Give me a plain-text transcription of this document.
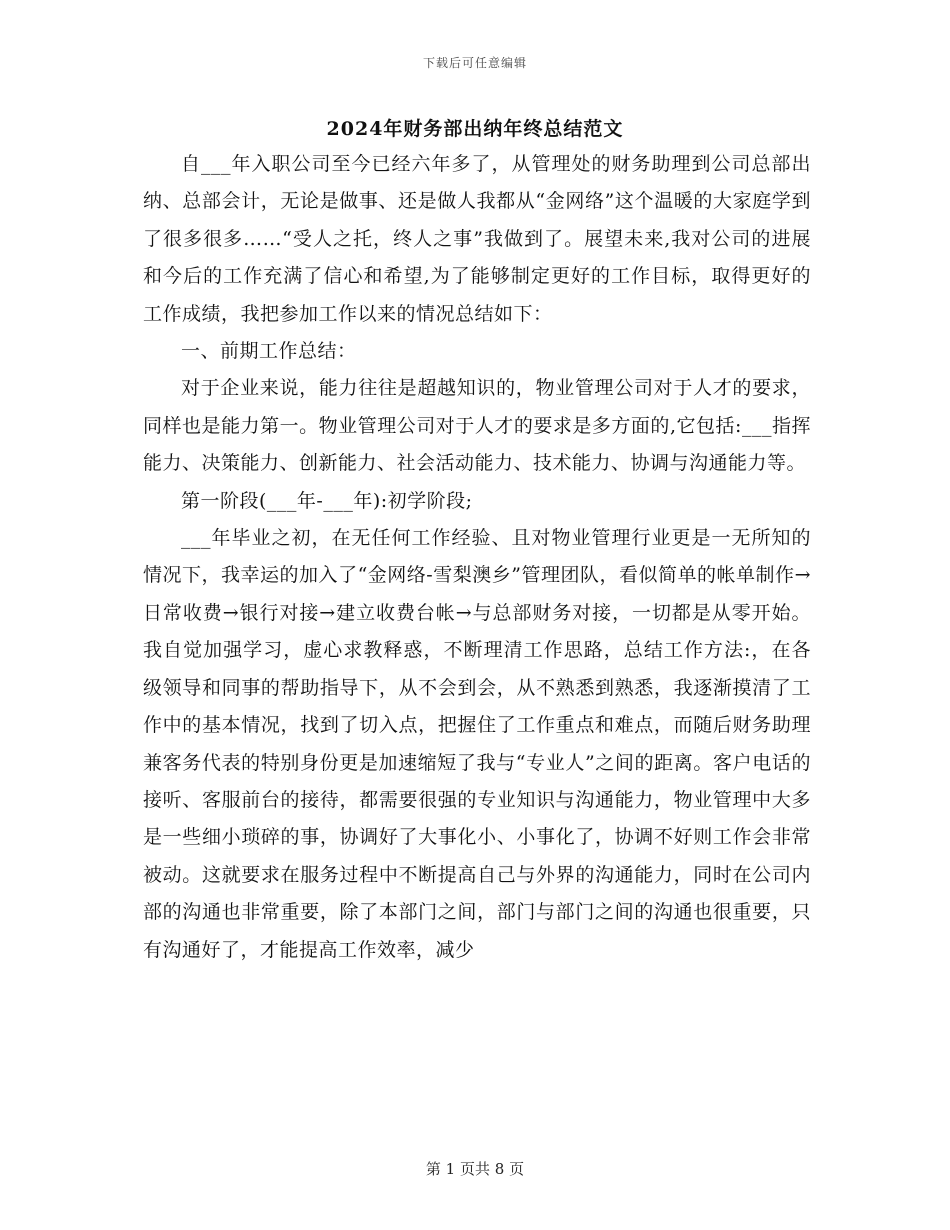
下载后可任意编辑
2024年财务部出纳年终总结范文

自___年入职公司至今已经六年多了，从管理处的财务助理到公司总部出纳、总部会计，无论是做事、还是做人我都从“金网络”这个温暖的大家庭学到了很多很多……“受人之托，终人之事”我做到了。展望未来,我对公司的进展和今后的工作充满了信心和希望,为了能够制定更好的工作目标，取得更好的工作成绩，我把参加工作以来的情况总结如下：

一、前期工作总结：

对于企业来说，能力往往是超越知识的，物业管理公司对于人才的要求，同样也是能力第一。物业管理公司对于人才的要求是多方面的,它包括:___指挥能力、决策能力、创新能力、社会活动能力、技术能力、协调与沟通能力等。

第一阶段(___年-___年):初学阶段;

___年毕业之初，在无任何工作经验、且对物业管理行业更是一无所知的情况下，我幸运的加入了“金网络-雪梨澳乡”管理团队，看似简单的帐单制作→日常收费→银行对接→建立收费台帐→与总部财务对接，一切都是从零开始。我自觉加强学习，虚心求教释惑，不断理清工作思路，总结工作方法:，在各级领导和同事的帮助指导下，从不会到会，从不熟悉到熟悉，我逐渐摸清了工作中的基本情况，找到了切入点，把握住了工作重点和难点，而随后财务助理兼客务代表的特别身份更是加速缩短了我与“专业人”之间的距离。客户电话的接听、客服前台的接待，都需要很强的专业知识与沟通能力，物业管理中大多是一些细小琐碎的事，协调好了大事化小、小事化了，协调不好则工作会非常被动。这就要求在服务过程中不断提高自己与外界的沟通能力，同时在公司内部的沟通也非常重要，除了本部门之间，部门与部门之间的沟通也很重要，只有沟通好了，才能提高工作效率，减少

第 1 页共 8 页
